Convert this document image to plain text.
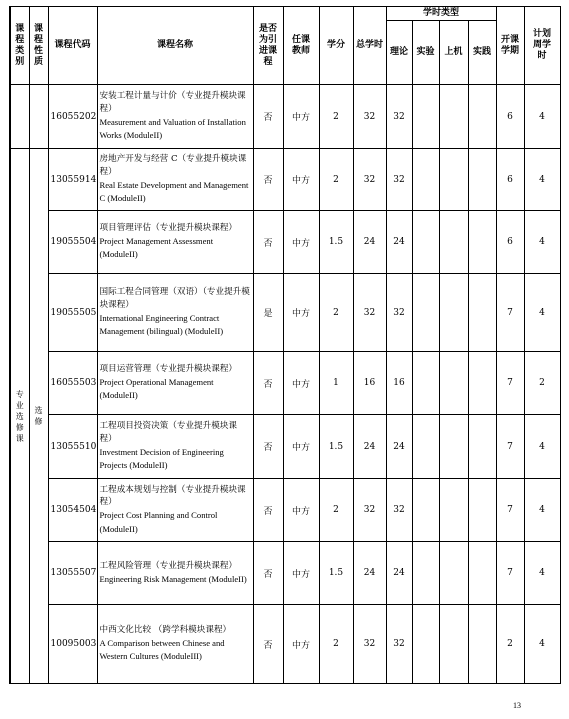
课程类别	课程性质	课程代码	课程名称	是否为引进课程	任课教师	学分	总学时	学时类型				开课学期	计划周学时

								理论	实验	上机	实践		
		16055202	安装工程计量与计价（专业提升模块课程）
Measurement and Valuation of Installation Works (ModuleII)	否	中方	2	32	32				6	4

专业选修课	选修	13055914	房地产开发与经营 C（专业提升模块课程）
Real Estate Development and Management C (ModuleII)	否	中方	2	32	32				6	4
		19055504	项目管理评估（专业提升模块课程）
Project Management Assessment (ModuleII)	否	中方	1.5	24	24				6	4
		19055505	国际工程合同管理（双语）（专业提升模块课程）
International Engineering Contract Management (bilingual) (ModuleII)	是	中方	2	32	32				7	4
		16055503	项目运营管理（专业提升模块课程）
Project Operational Management (ModuleII)	否	中方	1	16	16				7	2
		13055510	工程项目投资决策（专业提升模块课程）
Investment Decision of Engineering Projects (ModuleII)	否	中方	1.5	24	24				7	4
		13054504	工程成本规划与控制（专业提升模块课程）
Project Cost Planning and Control (ModuleII)	否	中方	2	32	32				7	4
		13055507	工程风险管理（专业提升模块课程）
Engineering Risk Management (ModuleII)	否	中方	1.5	24	24				7	4
		10095003	中西文化比较 （跨学科模块课程）
A Comparison between Chinese and Western Cultures (ModuleIII)	否	中方	2	32	32				2	4
13
